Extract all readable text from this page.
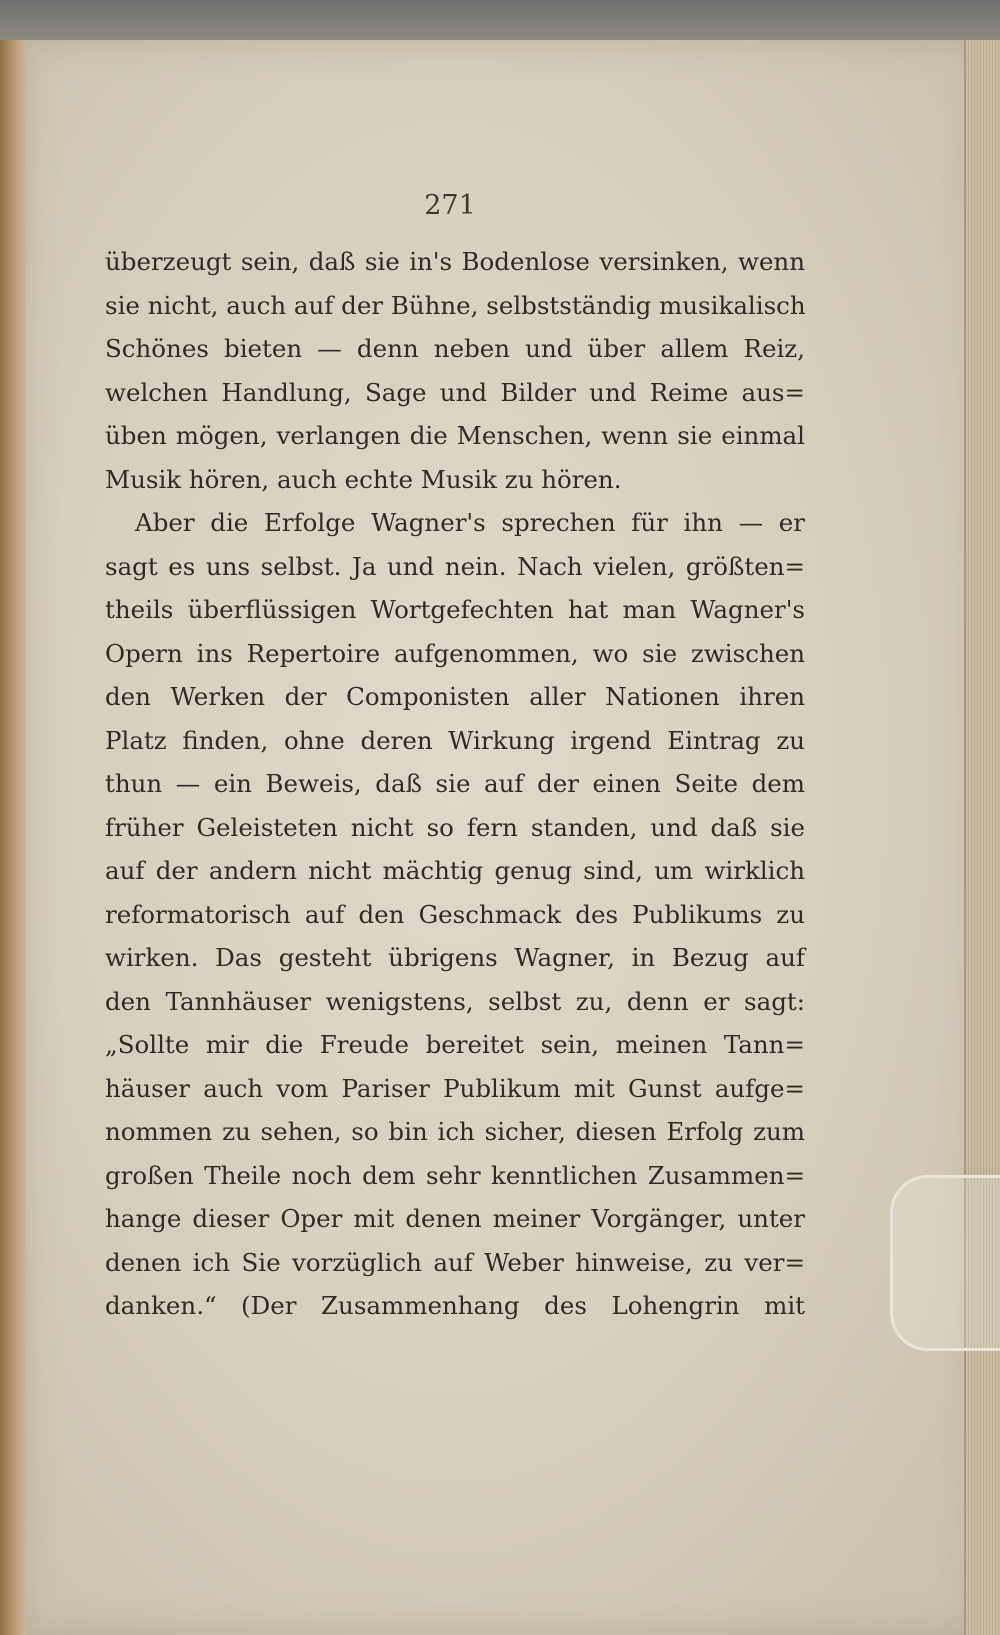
271
überzeugt sein, daß sie in's Bodenlose versinken, wenn
sie nicht, auch auf der Bühne, selbstständig musikalisch
Schönes bieten — denn neben und über allem Reiz,
welchen Handlung, Sage und Bilder und Reime aus=
üben mögen, verlangen die Menschen, wenn sie einmal
Musik hören, auch echte Musik zu hören.
Aber die Erfolge Wagner's sprechen für ihn — er
sagt es uns selbst. Ja und nein. Nach vielen, größten=
theils überflüssigen Wortgefechten hat man Wagner's
Opern ins Repertoire aufgenommen, wo sie zwischen
den Werken der Componisten aller Nationen ihren
Platz finden, ohne deren Wirkung irgend Eintrag zu
thun — ein Beweis, daß sie auf der einen Seite dem
früher Geleisteten nicht so fern standen, und daß sie
auf der andern nicht mächtig genug sind, um wirklich
reformatorisch auf den Geschmack des Publikums zu
wirken. Das gesteht übrigens Wagner, in Bezug auf
den Tannhäuser wenigstens, selbst zu, denn er sagt:
„Sollte mir die Freude bereitet sein, meinen Tann=
häuser auch vom Pariser Publikum mit Gunst aufge=
nommen zu sehen, so bin ich sicher, diesen Erfolg zum
großen Theile noch dem sehr kenntlichen Zusammen=
hange dieser Oper mit denen meiner Vorgänger, unter
denen ich Sie vorzüglich auf Weber hinweise, zu ver=
danken.“ (Der Zusammenhang des Lohengrin mit
